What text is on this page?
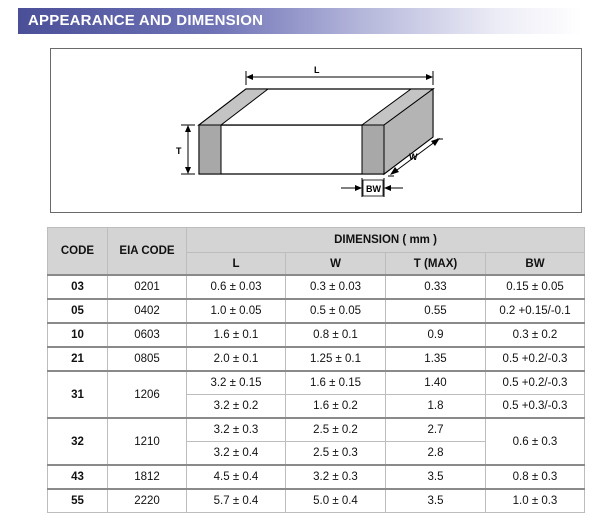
APPEARANCE AND DIMENSION
L
T
W
BW
CODE	EIA CODE	DIMENSION ( mm )			
		L	W	T (MAX)	BW
03	0201	0.6 ± 0.03	0.3 ± 0.03	0.33	0.15 ± 0.05
05	0402	1.0 ± 0.05	0.5 ± 0.05	0.55	0.2 +0.15/-0.1
10	0603	1.6 ± 0.1	0.8 ± 0.1	0.9	0.3 ± 0.2
21	0805	2.0 ± 0.1	1.25 ± 0.1	1.35	0.5 +0.2/-0.3
31	1206	3.2 ± 0.15	1.6 ± 0.15	1.40	0.5 +0.2/-0.3
		3.2 ± 0.2	1.6 ± 0.2	1.8	0.5 +0.3/-0.3
32	1210	3.2 ± 0.3	2.5 ± 0.2	2.7	0.6 ± 0.3
		3.2 ± 0.4	2.5 ± 0.3	2.8	
43	1812	4.5 ± 0.4	3.2 ± 0.3	3.5	0.8 ± 0.3
55	2220	5.7 ± 0.4	5.0 ± 0.4	3.5	1.0 ± 0.3
